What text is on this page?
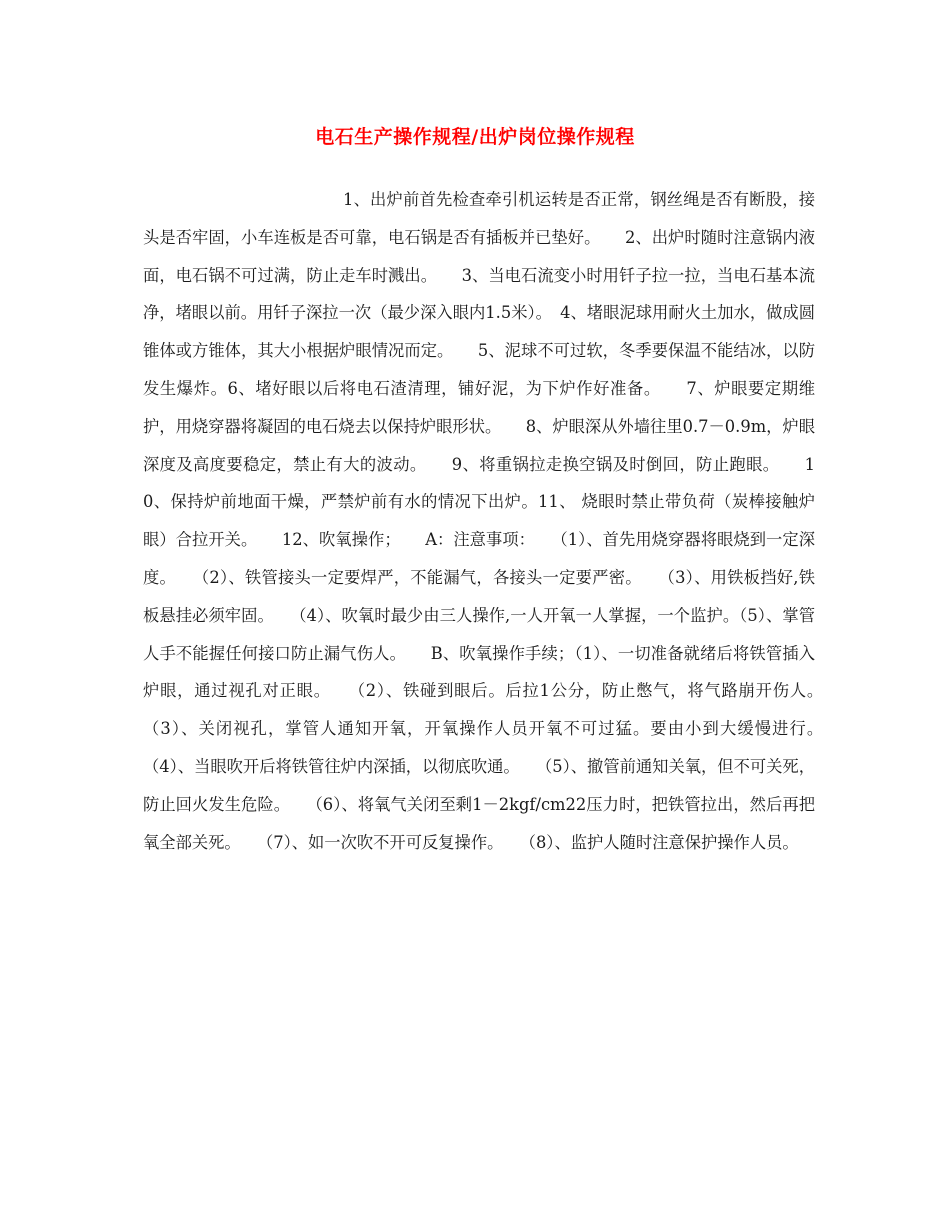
电石生产操作规程/出炉岗位操作规程

1、出炉前首先检查牵引机运转是否正常，钢丝绳是否有断股，接头是否牢固，小车连板是否可靠，电石锅是否有插板并已垫好。　　2、出炉时随时注意锅内液面，电石锅不可过满，防止走车时溅出。　　3、当电石流变小时用钎子拉一拉，当电石基本流净，堵眼以前。用钎子深拉一次（最少深入眼内1.5米）。　4、堵眼泥球用耐火土加水，做成圆锥体或方锥体，其大小根据炉眼情况而定。　　5、泥球不可过软，冬季要保温不能结冰，以防发生爆炸。6、堵好眼以后将电石渣清理，铺好泥，为下炉作好准备。　　7、炉眼要定期维护，用烧穿器将凝固的电石烧去以保持炉眼形状。　　8、炉眼深从外墙往里0.7－0.9m，炉眼深度及高度要稳定，禁止有大的波动。　　9、将重锅拉走换空锅及时倒回，防止跑眼。　　10、保持炉前地面干燥，严禁炉前有水的情况下出炉。11、 烧眼时禁止带负荷（炭棒接触炉眼）合拉开关。　　12、吹氧操作；　　A：注意事项：　　（1）、首先用烧穿器将眼烧到一定深度。　　（2）、铁管接头一定要焊严，不能漏气，各接头一定要严密。　　（3）、用铁板挡好,铁板悬挂必须牢固。　　（4）、吹氧时最少由三人操作,一人开氧一人掌握，一个监护。（5）、掌管人手不能握任何接口防止漏气伤人。　　B、吹氧操作手续；（1）、一切准备就绪后将铁管插入炉眼，通过视孔对正眼。　　（2）、铁碰到眼后。后拉1公分，防止憋气，将气路崩开伤人。　　（3）、关闭视孔，掌管人通知开氧，开氧操作人员开氧不可过猛。要由小到大缓慢进行。　　（4）、当眼吹开后将铁管往炉内深插，以彻底吹通。　　（5）、撤管前通知关氧，但不可关死，防止回火发生危险。　　（6）、将氧气关闭至剩1－2kgf/cm22压力时，把铁管拉出，然后再把氧全部关死。　　（7）、如一次吹不开可反复操作。　　（8）、监护人随时注意保护操作人员。
